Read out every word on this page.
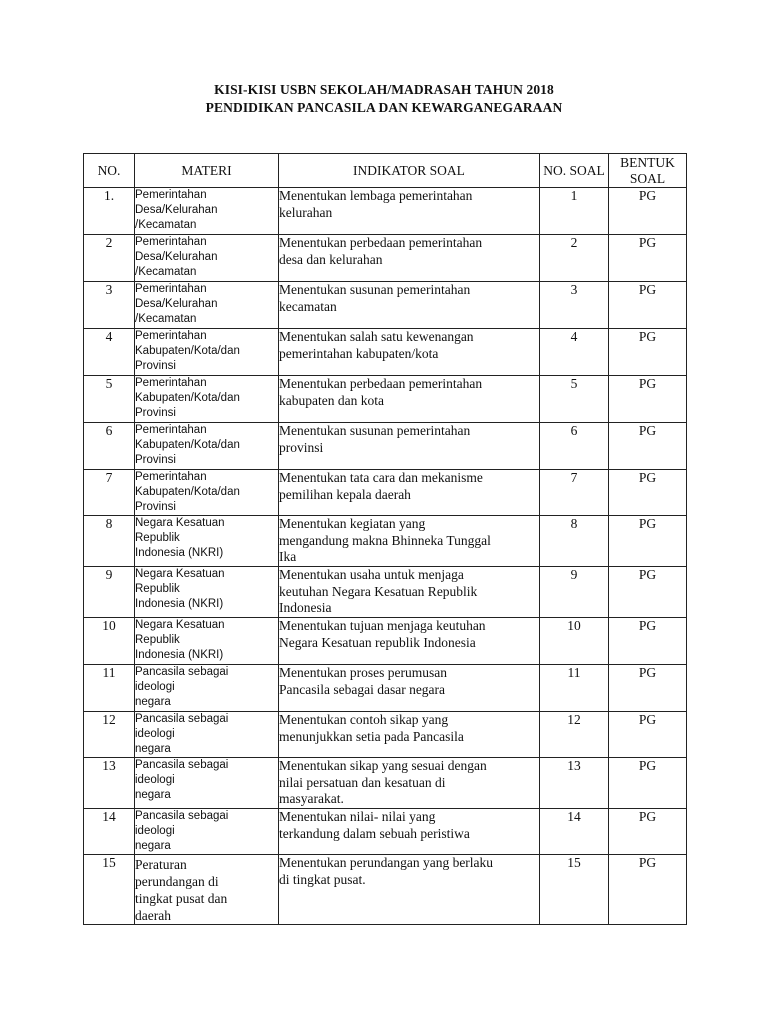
KISI-KISI USBN SEKOLAH/MADRASAH TAHUN 2018
PENDIDIKAN PANCASILA DAN KEWARGANEGARAAN
NO.	MATERI	INDIKATOR SOAL	NO. SOAL	BENTUK SOAL

1.	Pemerintahan
Desa/Kelurahan
/Kecamatan	Menentukan lembaga pemerintahan
kelurahan	1	PG

2	Pemerintahan
Desa/Kelurahan
/Kecamatan	Menentukan perbedaan pemerintahan
desa dan kelurahan	2	PG

3	Pemerintahan
Desa/Kelurahan
/Kecamatan	Menentukan susunan pemerintahan
kecamatan	3	PG

4	Pemerintahan
Kabupaten/Kota/dan
Provinsi	Menentukan salah satu kewenangan
pemerintahan kabupaten/kota	4	PG

5	Pemerintahan
Kabupaten/Kota/dan
Provinsi	Menentukan perbedaan pemerintahan
kabupaten dan kota	5	PG

6	Pemerintahan
Kabupaten/Kota/dan
Provinsi	Menentukan susunan pemerintahan
provinsi	6	PG

7	Pemerintahan
Kabupaten/Kota/dan
Provinsi	Menentukan tata cara dan mekanisme
pemilihan kepala daerah	7	PG

8	Negara Kesatuan
Republik
Indonesia (NKRI)	Menentukan kegiatan yang
mengandung makna Bhinneka Tunggal
Ika	8	PG

9	Negara Kesatuan
Republik
Indonesia (NKRI)	Menentukan usaha untuk menjaga
keutuhan Negara Kesatuan Republik
Indonesia	9	PG

10	Negara Kesatuan
Republik
Indonesia (NKRI)	Menentukan tujuan menjaga keutuhan
Negara Kesatuan republik Indonesia	10	PG

11	Pancasila sebagai
ideologi
negara	Menentukan proses perumusan
Pancasila sebagai dasar negara	11	PG

12	Pancasila sebagai
ideologi
negara	Menentukan contoh sikap yang
menunjukkan setia pada Pancasila	12	PG

13	Pancasila sebagai
ideologi
negara	Menentukan sikap yang sesuai dengan
nilai persatuan dan kesatuan di
masyarakat.	13	PG

14	Pancasila sebagai
ideologi
negara	Menentukan nilai- nilai yang
terkandung dalam sebuah peristiwa	14	PG

15	Peraturan
perundangan di
tingkat pusat dan
daerah	Menentukan perundangan yang berlaku
di tingkat pusat.	15	PG
